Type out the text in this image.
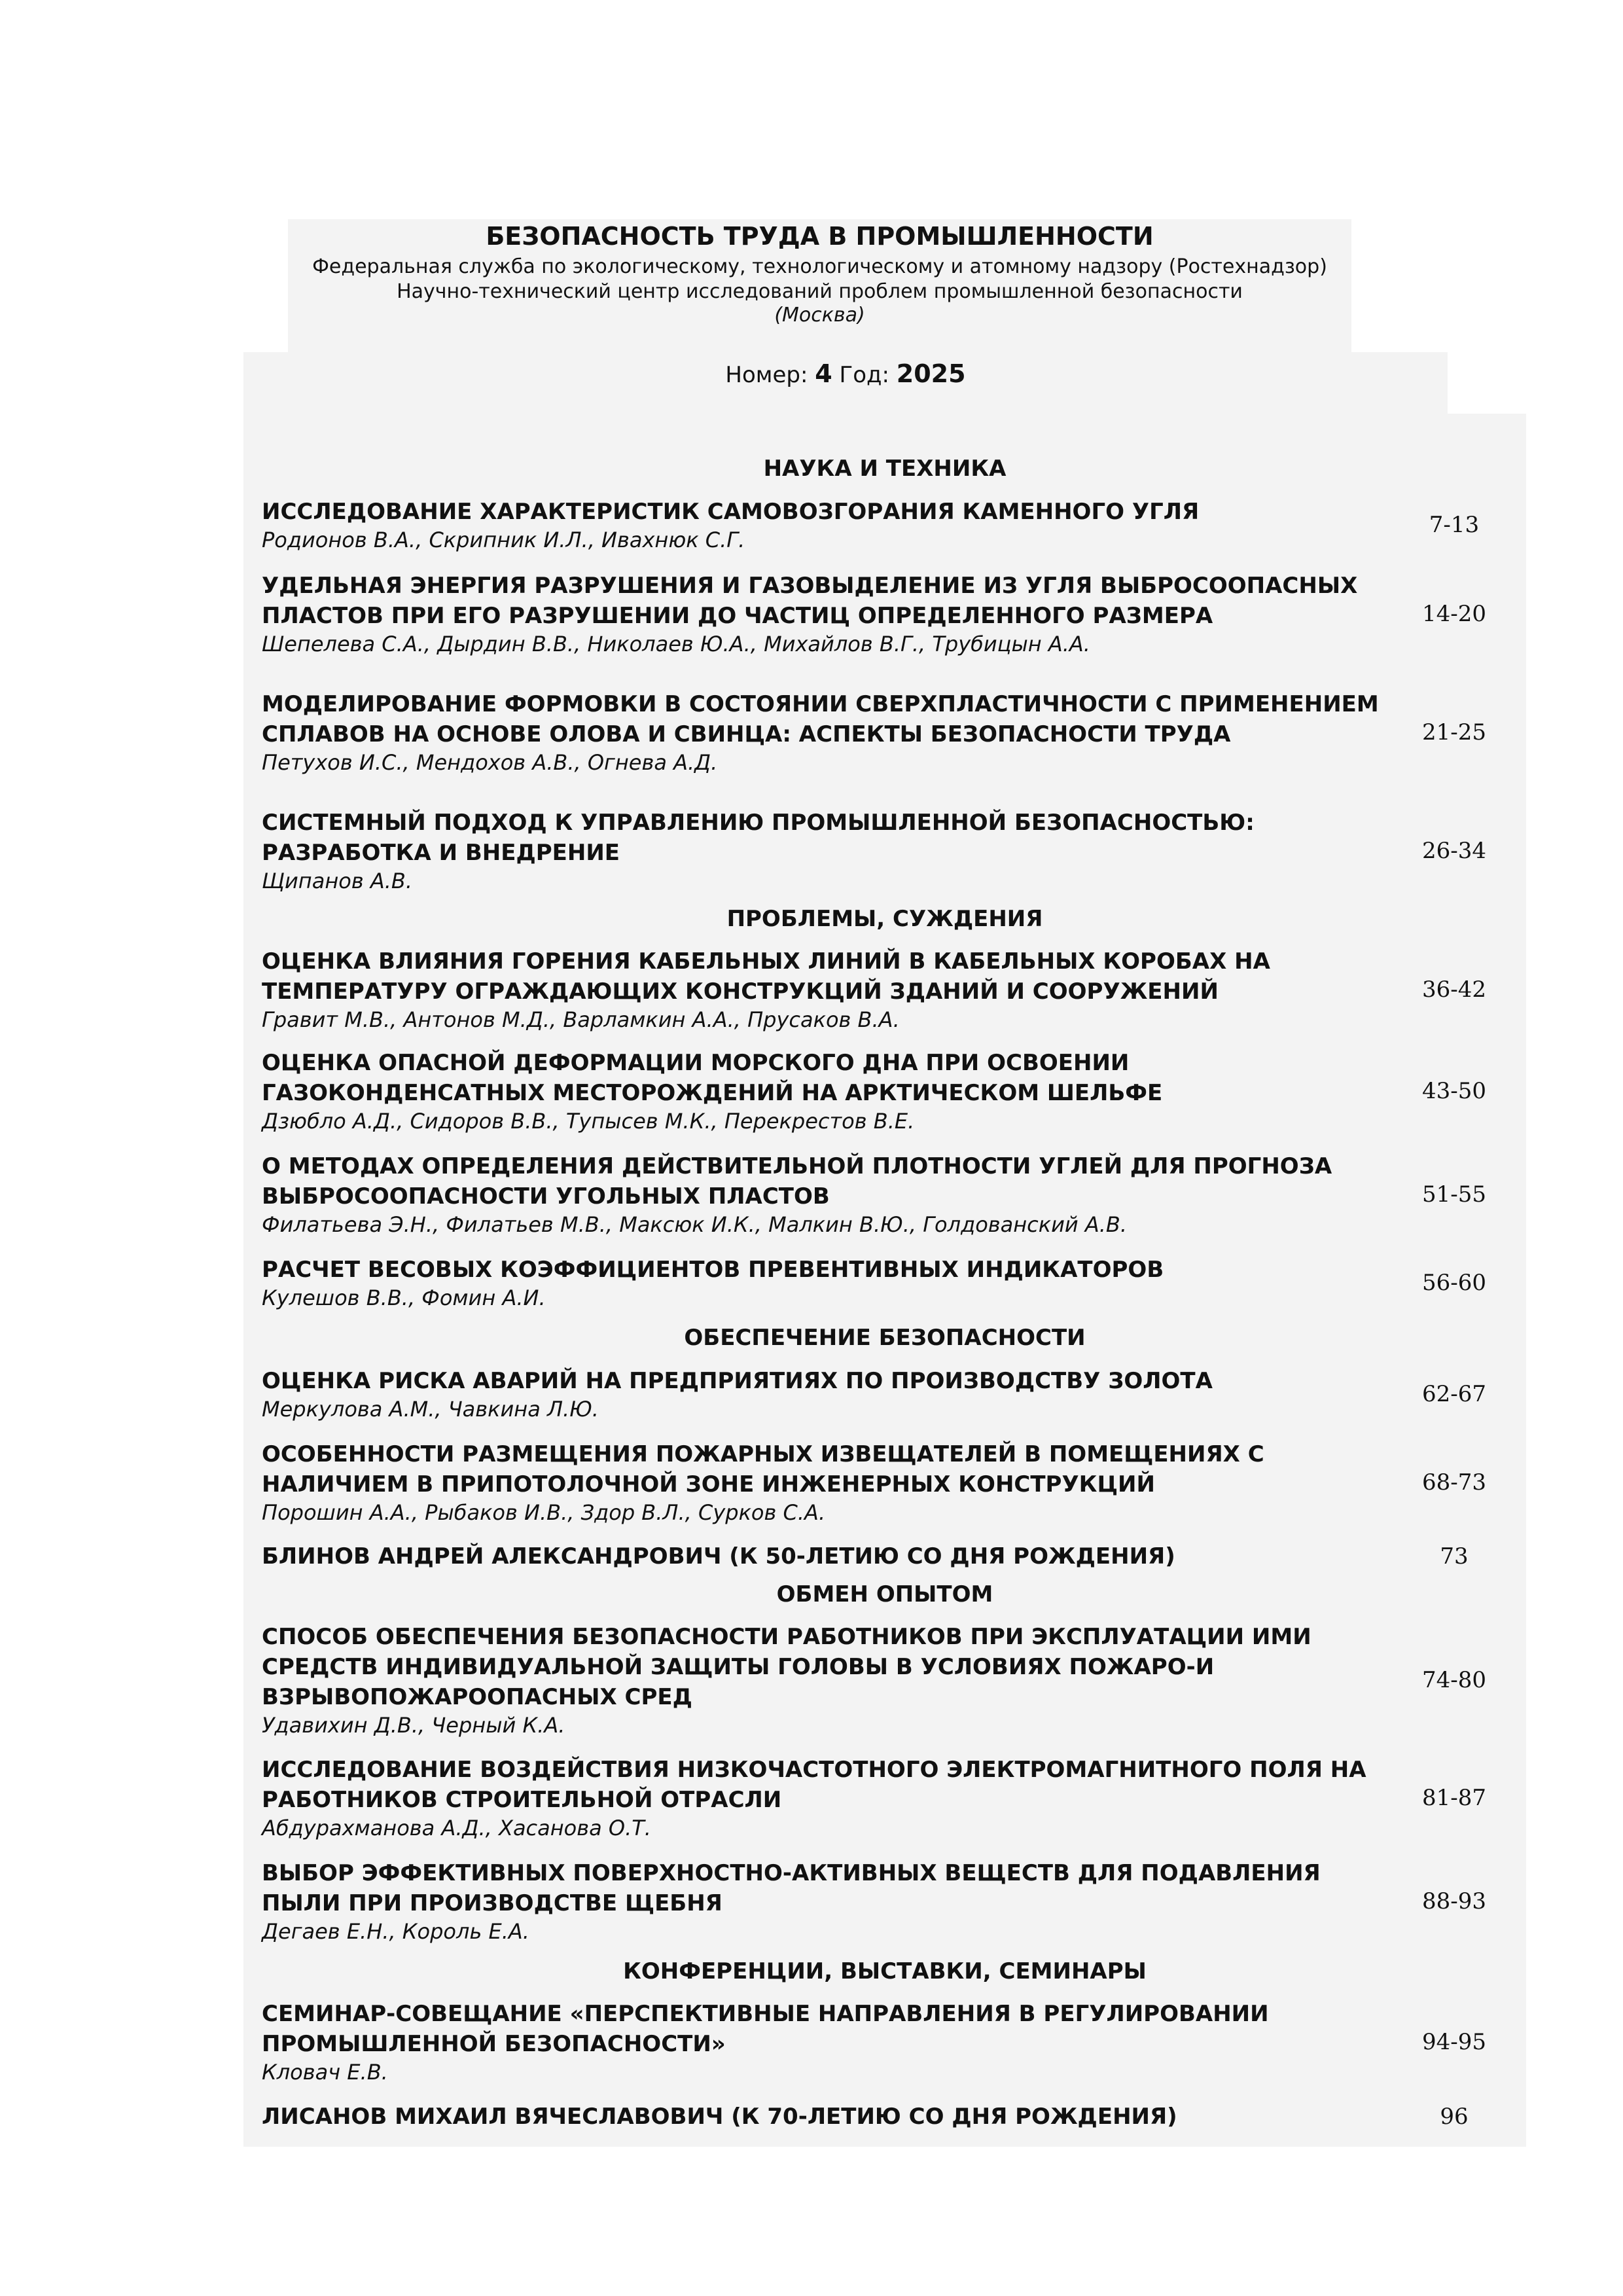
БЕЗОПАСНОСТЬ ТРУДА В ПРОМЫШЛЕННОСТИ
Федеральная служба по экологическому, технологическому и атомному надзору (Ростехнадзор)
Научно-технический центр исследований проблем промышленной безопасности
(Москва)
Номер: 4 Год: 2025
НАУКА И ТЕХНИКА
ИССЛЕДОВАНИЕ ХАРАКТЕРИСТИК САМОВОЗГОРАНИЯ КАМЕННОГО УГЛЯ
Родионов В.А., Скрипник И.Л., Ивахнюк С.Г.
7-13
УДЕЛЬНАЯ ЭНЕРГИЯ РАЗРУШЕНИЯ И ГАЗОВЫДЕЛЕНИЕ ИЗ УГЛЯ ВЫБРОСООПАСНЫХ ПЛАСТОВ ПРИ ЕГО РАЗРУШЕНИИ ДО ЧАСТИЦ ОПРЕДЕЛЕННОГО РАЗМЕРА
Шепелева С.А., Дырдин В.В., Николаев Ю.А., Михайлов В.Г., Трубицын А.А.
14-20
МОДЕЛИРОВАНИЕ ФОРМОВКИ В СОСТОЯНИИ СВЕРХПЛАСТИЧНОСТИ С ПРИМЕНЕНИЕМ СПЛАВОВ НА ОСНОВЕ ОЛОВА И СВИНЦА: АСПЕКТЫ БЕЗОПАСНОСТИ ТРУДА
Петухов И.С., Мендохов А.В., Огнева А.Д.
21-25
СИСТЕМНЫЙ ПОДХОД К УПРАВЛЕНИЮ ПРОМЫШЛЕННОЙ БЕЗОПАСНОСТЬЮ: РАЗРАБОТКА И ВНЕДРЕНИЕ
Щипанов А.В.
26-34
ПРОБЛЕМЫ, СУЖДЕНИЯ
ОЦЕНКА ВЛИЯНИЯ ГОРЕНИЯ КАБЕЛЬНЫХ ЛИНИЙ В КАБЕЛЬНЫХ КОРОБАХ НА ТЕМПЕРАТУРУ ОГРАЖДАЮЩИХ КОНСТРУКЦИЙ ЗДАНИЙ И СООРУЖЕНИЙ
Гравит М.В., Антонов М.Д., Варламкин А.А., Прусаков В.А.
36-42
ОЦЕНКА ОПАСНОЙ ДЕФОРМАЦИИ МОРСКОГО ДНА ПРИ ОСВОЕНИИ ГАЗОКОНДЕНСАТНЫХ МЕСТОРОЖДЕНИЙ НА АРКТИЧЕСКОМ ШЕЛЬФЕ
Дзюбло А.Д., Сидоров В.В., Тупысев М.К., Перекрестов В.Е.
43-50
О МЕТОДАХ ОПРЕДЕЛЕНИЯ ДЕЙСТВИТЕЛЬНОЙ ПЛОТНОСТИ УГЛЕЙ ДЛЯ ПРОГНОЗА ВЫБРОСООПАСНОСТИ УГОЛЬНЫХ ПЛАСТОВ
Филатьева Э.Н., Филатьев М.В., Максюк И.К., Малкин В.Ю., Голдованский А.В.
51-55
РАСЧЕТ ВЕСОВЫХ КОЭФФИЦИЕНТОВ ПРЕВЕНТИВНЫХ ИНДИКАТОРОВ
Кулешов В.В., Фомин А.И.
56-60
ОБЕСПЕЧЕНИЕ БЕЗОПАСНОСТИ
ОЦЕНКА РИСКА АВАРИЙ НА ПРЕДПРИЯТИЯХ ПО ПРОИЗВОДСТВУ ЗОЛОТА
Меркулова А.М., Чавкина Л.Ю.
62-67
ОСОБЕННОСТИ РАЗМЕЩЕНИЯ ПОЖАРНЫХ ИЗВЕЩАТЕЛЕЙ В ПОМЕЩЕНИЯХ С НАЛИЧИЕМ В ПРИПОТОЛОЧНОЙ ЗОНЕ ИНЖЕНЕРНЫХ КОНСТРУКЦИЙ
Порошин А.А., Рыбаков И.В., Здор В.Л., Сурков С.А.
68-73
БЛИНОВ АНДРЕЙ АЛЕКСАНДРОВИЧ (К 50-ЛЕТИЮ СО ДНЯ РОЖДЕНИЯ)	73
ОБМЕН ОПЫТОМ
СПОСОБ ОБЕСПЕЧЕНИЯ БЕЗОПАСНОСТИ РАБОТНИКОВ ПРИ ЭКСПЛУАТАЦИИ ИМИ СРЕДСТВ ИНДИВИДУАЛЬНОЙ ЗАЩИТЫ ГОЛОВЫ В УСЛОВИЯХ ПОЖАРО-И ВЗРЫВОПОЖАРООПАСНЫХ СРЕД
Удавихин Д.В., Черный К.А.
74-80
ИССЛЕДОВАНИЕ ВОЗДЕЙСТВИЯ НИЗКОЧАСТОТНОГО ЭЛЕКТРОМАГНИТНОГО ПОЛЯ НА РАБОТНИКОВ СТРОИТЕЛЬНОЙ ОТРАСЛИ
Абдурахманова А.Д., Хасанова О.Т.
81-87
ВЫБОР ЭФФЕКТИВНЫХ ПОВЕРХНОСТНО-АКТИВНЫХ ВЕЩЕСТВ ДЛЯ ПОДАВЛЕНИЯ ПЫЛИ ПРИ ПРОИЗВОДСТВЕ ЩЕБНЯ
Дегаев Е.Н., Король Е.А.
88-93
КОНФЕРЕНЦИИ, ВЫСТАВКИ, СЕМИНАРЫ
СЕМИНАР-СОВЕЩАНИЕ «ПЕРСПЕКТИВНЫЕ НАПРАВЛЕНИЯ В РЕГУЛИРОВАНИИ ПРОМЫШЛЕННОЙ БЕЗОПАСНОСТИ»
Кловач Е.В.
94-95
ЛИСАНОВ МИХАИЛ ВЯЧЕСЛАВОВИЧ (К 70-ЛЕТИЮ СО ДНЯ РОЖДЕНИЯ)	96
